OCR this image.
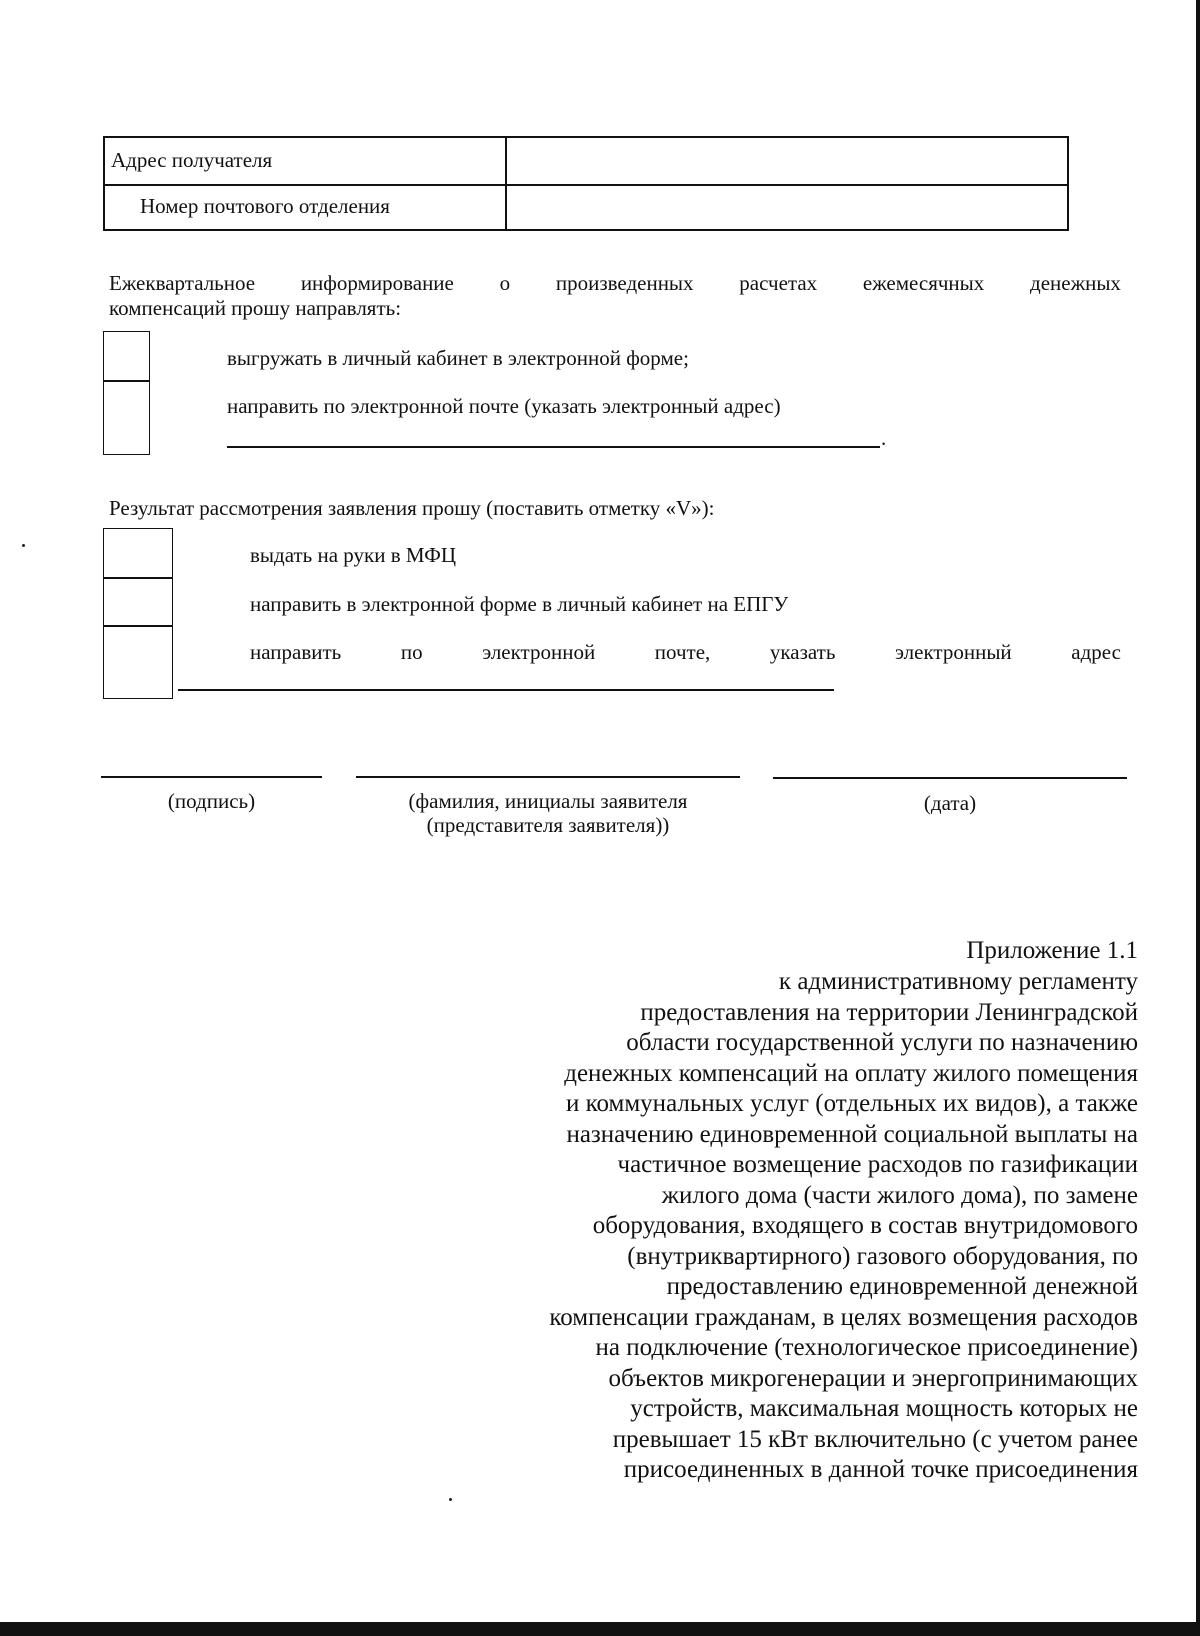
Адрес получателя
Номер почтового отделения
Ежеквартальное информирование о произведенных расчетах ежемесячных денежных
компенсаций прошу направлять:
выгружать в личный кабинет в электронной форме;
направить по электронной почте (указать электронный адрес)
.
Результат рассмотрения заявления прошу (поставить отметку «V»):
выдать на руки в МФЦ
направить в электронной форме в личный кабинет на ЕПГУ
направить	по	электронной	почте,	указать	электронный	адрес
(подпись)	(фамилия, инициалы заявителя
(представителя заявителя))
(дата)
Приложение 1.1
к административному регламенту
предоставления на территории Ленинградской
области государственной услуги по назначению
денежных компенсаций на оплату жилого помещения
и коммунальных услуг (отдельных их видов), а также
назначению единовременной социальной выплаты на
частичное возмещение расходов по газификации
жилого дома (части жилого дома), по замене
оборудования, входящего в состав внутридомового
(внутриквартирного) газового оборудования, по
предоставлению единовременной денежной
компенсации гражданам, в целях возмещения расходов
на подключение (технологическое присоединение)
объектов микрогенерации и энергопринимающих
устройств, максимальная мощность которых не
превышает 15 кВт включительно (с учетом ранее
присоединенных в данной точке присоединения
